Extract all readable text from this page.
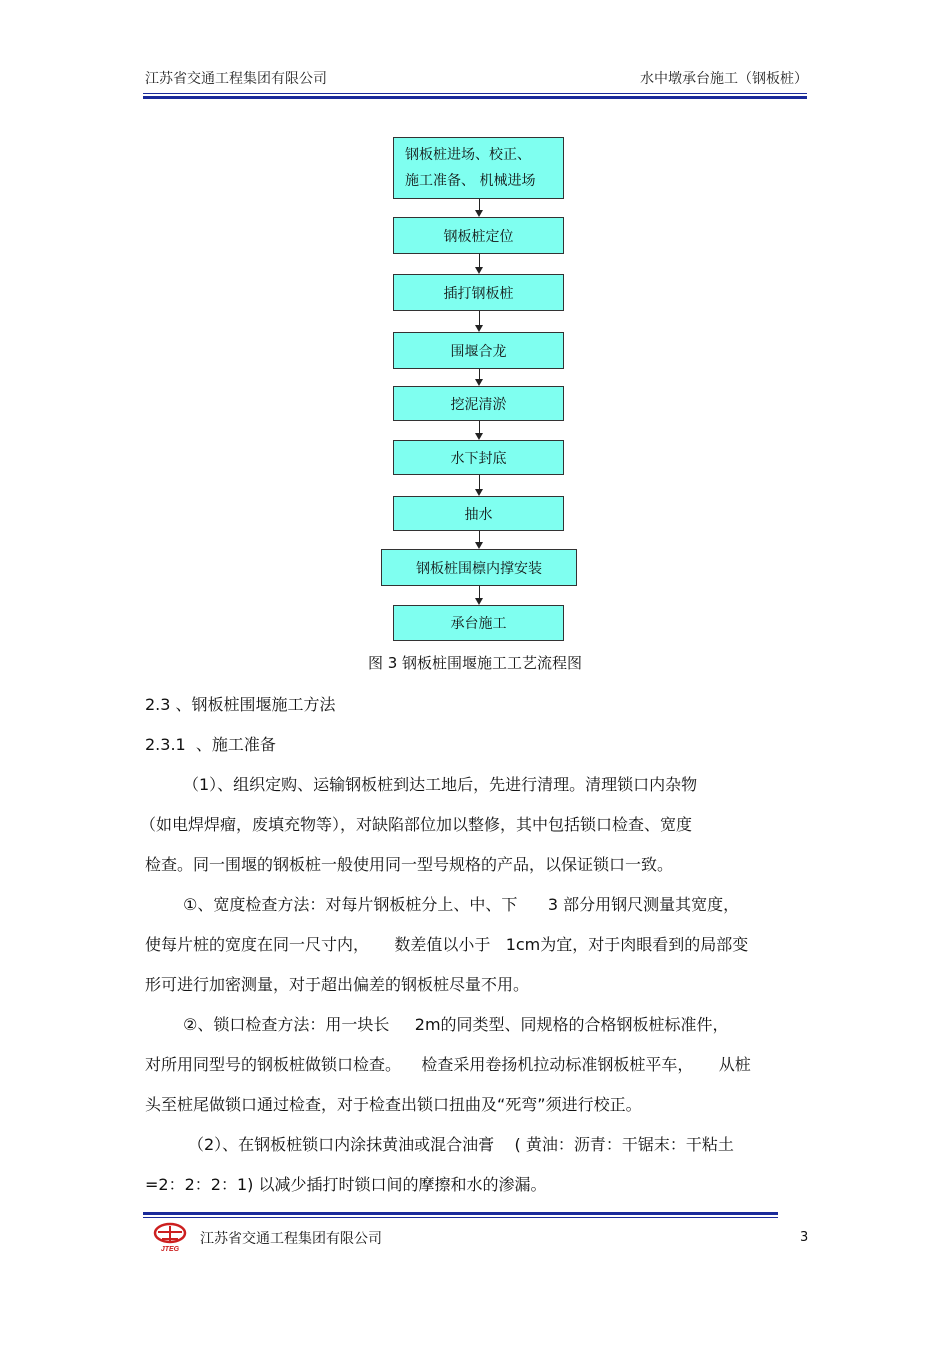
江苏省交通工程集团有限公司	水中墩承台施工（钢板桩）
钢板桩进场、校正、
施工准备、 机械进场
钢板桩定位
插打钢板桩
围堰合龙
挖泥清淤
水下封底
抽水
钢板桩围檩内撑安装
承台施工
图 3 钢板桩围堰施工工艺流程图
2.3 、钢板桩围堰施工方法
2.3.1  、施工准备
（1）、组织定购、运输钢板桩到达工地后，先进行清理。清理锁口内杂物
（如电焊焊瘤，废填充物等），对缺陷部位加以整修，其中包括锁口检查、宽度
检查。同一围堰的钢板桩一般使用同一型号规格的产品，以保证锁口一致。
①、宽度检查方法：对每片钢板桩分上、中、下      3 部分用钢尺测量其宽度，
使每片桩的宽度在同一尺寸内，     数差值以小于   1cm为宜，对于肉眼看到的局部变
形可进行加密测量，对于超出偏差的钢板桩尽量不用。
②、锁口检查方法：用一块长     2m的同类型、同规格的合格钢板桩标准件，
对所用同型号的钢板桩做锁口检查。    检查采用卷扬机拉动标准钢板桩平车，     从桩
头至桩尾做锁口通过检查，对于检查出锁口扭曲及“死弯”须进行校正。
（2）、在钢板桩锁口内涂抹黄油或混合油膏    ( 黄油：沥青：干锯末：干粘土
=2：2：2：1) 以减少插打时锁口间的摩擦和水的渗漏。
JTEG
江苏省交通工程集团有限公司	3
